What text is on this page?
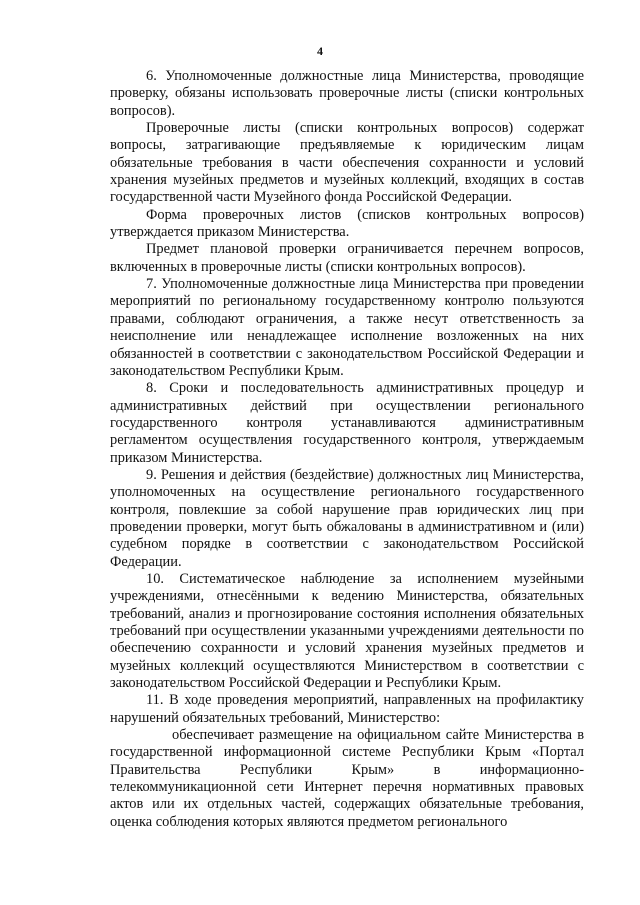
4

6. Уполномоченные должностные лица Министерства, проводящие проверку, обязаны использовать проверочные листы (списки контрольных вопросов).

Проверочные листы (списки контрольных вопросов) содержат вопросы, затрагивающие предъявляемые к юридическим лицам обязательные требования в части обеспечения сохранности и условий хранения музейных предметов и музейных коллекций, входящих в состав государственной части Музейного фонда Российской Федерации.

Форма проверочных листов (списков контрольных вопросов) утверждается приказом Министерства.

Предмет плановой проверки ограничивается перечнем вопросов, включенных в проверочные листы (списки контрольных вопросов).

7. Уполномоченные должностные лица Министерства при проведении мероприятий по региональному государственному контролю пользуются правами, соблюдают ограничения, а также несут ответственность за неисполнение или ненадлежащее исполнение возложенных на них обязанностей в соответствии с законодательством Российской Федерации и законодательством Республики Крым.

8. Сроки и последовательность административных процедур и административных действий при осуществлении регионального государственного контроля устанавливаются административным регламентом осуществления государственного контроля, утверждаемым приказом Министерства.

9. Решения и действия (бездействие) должностных лиц Министерства, уполномоченных на осуществление регионального государственного контроля, повлекшие за собой нарушение прав юридических лиц при проведении проверки, могут быть обжалованы в административном и (или) судебном порядке в соответствии с законодательством Российской Федерации.

10. Систематическое наблюдение за исполнением музейными учреждениями, отнесёнными к ведению Министерства, обязательных требований, анализ и прогнозирование состояния исполнения обязательных требований при осуществлении указанными учреждениями деятельности по обеспечению сохранности и условий хранения музейных предметов и музейных коллекций осуществляются Министерством в соответствии с законодательством Российской Федерации и Республики Крым.

11. В ходе проведения мероприятий, направленных на профилактику нарушений обязательных требований, Министерство:

обеспечивает размещение на официальном сайте Министерства в государственной информационной системе Республики Крым «Портал Правительства Республики Крым» в информационно-телекоммуникационной сети Интернет перечня нормативных правовых актов или их отдельных частей, содержащих обязательные требования, оценка соблюдения которых являются предметом регионального
